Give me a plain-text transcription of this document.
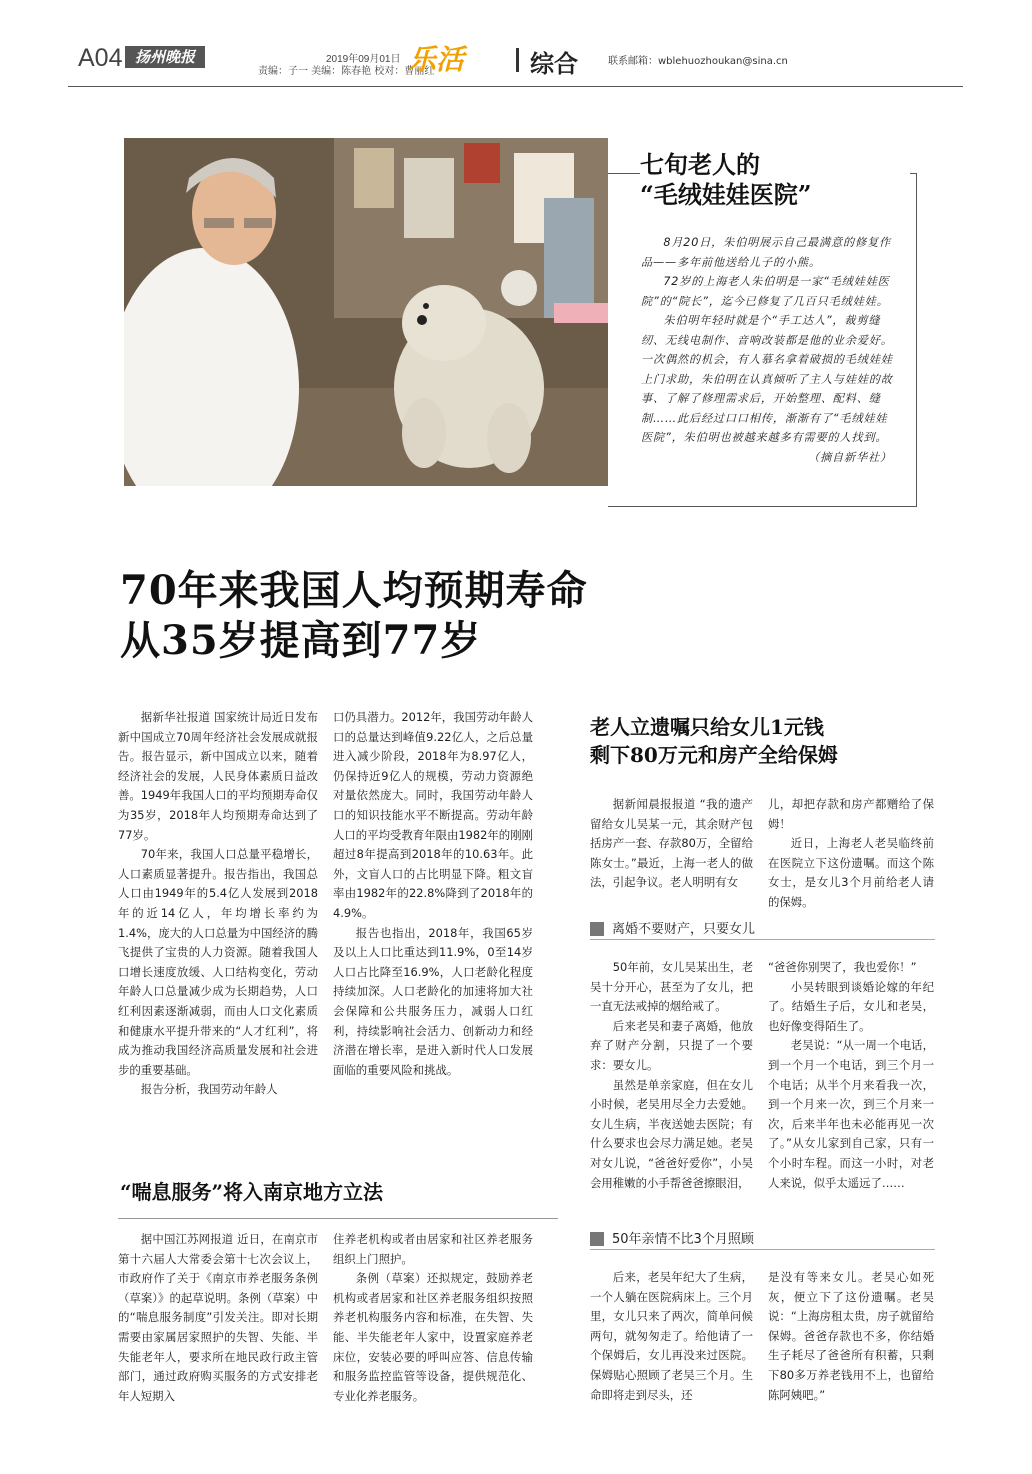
A04 扬州晚报	2019年09月01日
责编：子一 美编：陈春艳 校对：曹丽红
乐活	综合	联系邮箱：wblehuozhoukan@sina.cn
七旬老人的
“毛绒娃娃医院”

8月20日，朱伯明展示自己最满意的修复作品——多年前他送给儿子的小熊。

72岁的上海老人朱伯明是一家“毛绒娃娃医院”的“院长”，迄今已修复了几百只毛绒娃娃。

朱伯明年轻时就是个“手工达人”，裁剪缝纫、无线电制作、音响改装都是他的业余爱好。一次偶然的机会，有人慕名拿着破损的毛绒娃娃上门求助，朱伯明在认真倾听了主人与娃娃的故事、了解了修理需求后，开始整理、配料、缝制……此后经过口口相传，渐渐有了“毛绒娃娃医院”，朱伯明也被越来越多有需要的人找到。

（摘自新华社）
70年来我国人均预期寿命
从35岁提高到77岁

据新华社报道 国家统计局近日发布新中国成立70周年经济社会发展成就报告。报告显示，新中国成立以来，随着经济社会的发展，人民身体素质日益改善。1949年我国人口的平均预期寿命仅为35岁，2018年人均预期寿命达到了77岁。

70年来，我国人口总量平稳增长，人口素质显著提升。报告指出，我国总人口由1949年的5.4亿人发展到2018年的近14亿人，年均增长率约为1.4%，庞大的人口总量为中国经济的腾飞提供了宝贵的人力资源。随着我国人口增长速度放缓、人口结构变化，劳动年龄人口总量减少成为长期趋势，人口红利因素逐渐减弱，而由人口文化素质和健康水平提升带来的“人才红利”，将成为推动我国经济高质量发展和社会进步的重要基础。

报告分析，我国劳动年龄人

口仍具潜力。2012年，我国劳动年龄人口的总量达到峰值9.22亿人，之后总量进入减少阶段，2018年为8.97亿人，仍保持近9亿人的规模，劳动力资源绝对量依然庞大。同时，我国劳动年龄人口的知识技能水平不断提高。劳动年龄人口的平均受教育年限由1982年的刚刚超过8年提高到2018年的10.63年。此外，文盲人口的占比明显下降。粗文盲率由1982年的22.8%降到了2018年的4.9%。

报告也指出，2018年，我国65岁及以上人口比重达到11.9%，0至14岁人口占比降至16.9%，人口老龄化程度持续加深。人口老龄化的加速将加大社会保障和公共服务压力，减弱人口红利，持续影响社会活力、创新动力和经济潜在增长率，是进入新时代人口发展面临的重要风险和挑战。

老人立遗嘱只给女儿1元钱
剩下80万元和房产全给保姆

据新闻晨报报道 “我的遗产留给女儿吴某一元，其余财产包括房产一套、存款80万，全留给陈女士。”最近，上海一老人的做法，引起争议。老人明明有女

儿，却把存款和房产都赠给了保姆！

近日，上海老人老吴临终前在医院立下这份遗嘱。而这个陈女士，是女儿3个月前给老人请的保姆。

离婚不要财产，只要女儿

50年前，女儿吴某出生，老吴十分开心，甚至为了女儿，把一直无法戒掉的烟给戒了。

后来老吴和妻子离婚，他放弃了财产分割，只提了一个要求：要女儿。

虽然是单亲家庭，但在女儿小时候，老吴用尽全力去爱她。女儿生病，半夜送她去医院；有什么要求也会尽力满足她。老吴对女儿说，“爸爸好爱你”，小吴会用稚嫩的小手帮爸爸擦眼泪，

“爸爸你别哭了，我也爱你！”

小吴转眼到谈婚论嫁的年纪了。结婚生子后，女儿和老吴，也好像变得陌生了。

老吴说：“从一周一个电话，到一个月一个电话，到三个月一个电话；从半个月来看我一次，到一个月来一次，到三个月来一次，后来半年也未必能再见一次了。”从女儿家到自己家，只有一个小时车程。而这一小时，对老人来说，似乎太遥远了……

50年亲情不比3个月照顾

后来，老吴年纪大了生病，一个人躺在医院病床上。三个月里，女儿只来了两次，简单问候两句，就匆匆走了。给他请了一个保姆后，女儿再没来过医院。保姆贴心照顾了老吴三个月。生命即将走到尽头，还

是没有等来女儿。老吴心如死灰，便立下了这份遗嘱。老吴说：“上海房租太贵，房子就留给保姆。爸爸存款也不多，你结婚生子耗尽了爸爸所有积蓄，只剩下80多万养老钱用不上，也留给陈阿姨吧。”

“喘息服务”将入南京地方立法

据中国江苏网报道 近日，在南京市第十六届人大常委会第十七次会议上，市政府作了关于《南京市养老服务条例（草案）》的起草说明。条例（草案）中的“喘息服务制度”引发关注。即对长期需要由家属居家照护的失智、失能、半失能老年人，要求所在地民政行政主管部门，通过政府购买服务的方式安排老年人短期入

住养老机构或者由居家和社区养老服务组织上门照护。

条例（草案）还拟规定，鼓励养老机构或者居家和社区养老服务组织按照养老机构服务内容和标准，在失智、失能、半失能老年人家中，设置家庭养老床位，安装必要的呼叫应答、信息传输和服务监控监管等设备，提供规范化、专业化养老服务。
